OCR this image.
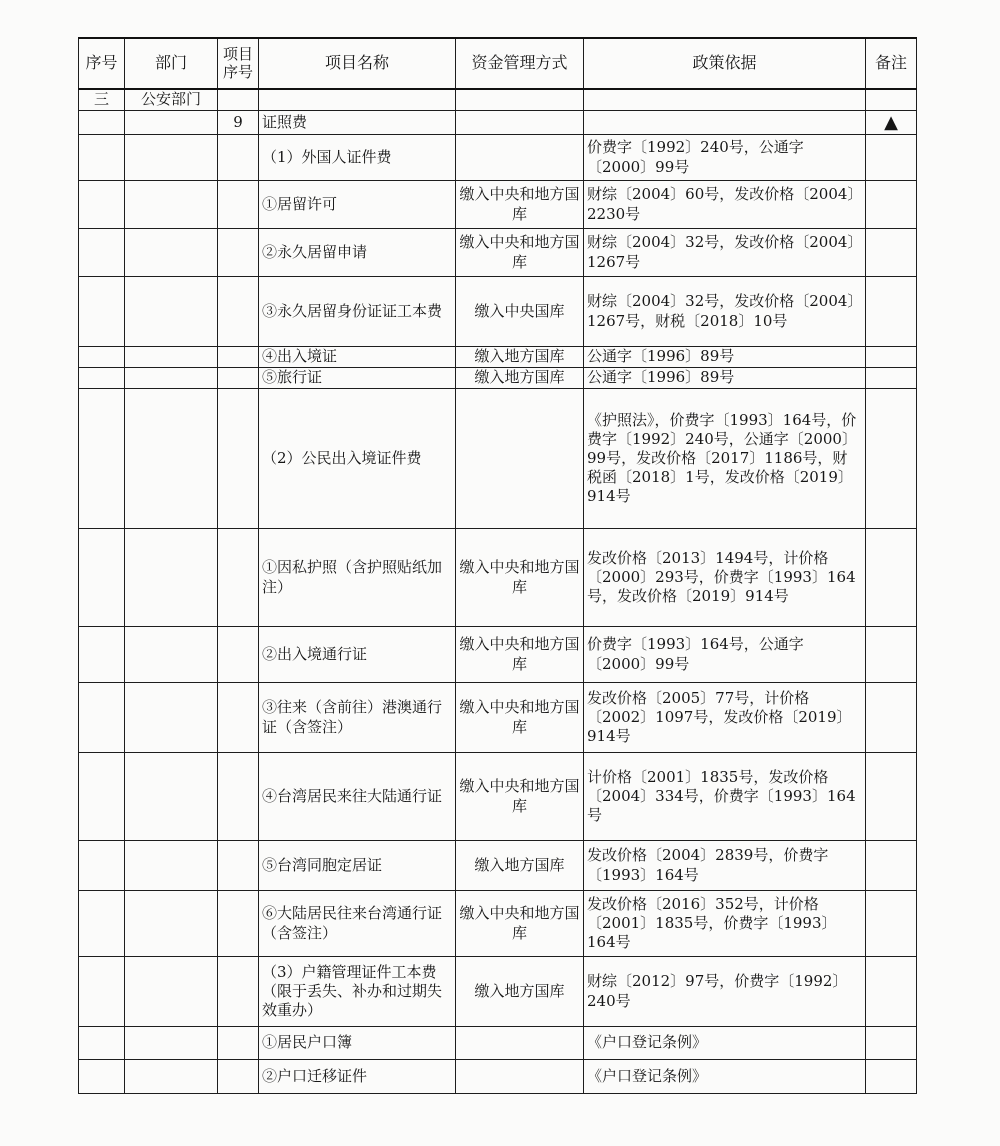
序号	部门	项目序号	项目名称	资金管理方式	政策依据	备注
三	公安部门					
		9	证照费			▲
			（1）外国人证件费		价费字〔1992〕240号，公通字〔2000〕99号	
			①居留许可	缴入中央和地方国库	财综〔2004〕60号，发改价格〔2004〕2230号	
			②永久居留申请	缴入中央和地方国库	财综〔2004〕32号，发改价格〔2004〕1267号	
			③永久居留身份证证工本费	缴入中央国库	财综〔2004〕32号，发改价格〔2004〕1267号，财税〔2018〕10号	
			④出入境证	缴入地方国库	公通字〔1996〕89号	
			⑤旅行证	缴入地方国库	公通字〔1996〕89号	
			（2）公民出入境证件费		《护照法》，价费字〔1993〕164号，价费字〔1992〕240号，公通字〔2000〕99号，发改价格〔2017〕1186号，财税函〔2018〕1号，发改价格〔2019〕914号	
			①因私护照（含护照贴纸加注）	缴入中央和地方国库	发改价格〔2013〕1494号，计价格〔2000〕293号，价费字〔1993〕164号，发改价格〔2019〕914号	
			②出入境通行证	缴入中央和地方国库	价费字〔1993〕164号，公通字〔2000〕99号	
			③往来（含前往）港澳通行证（含签注）	缴入中央和地方国库	发改价格〔2005〕77号，计价格〔2002〕1097号，发改价格〔2019〕914号	
			④台湾居民来往大陆通行证	缴入中央和地方国库	计价格〔2001〕1835号，发改价格〔2004〕334号，价费字〔1993〕164号	
			⑤台湾同胞定居证	缴入地方国库	发改价格〔2004〕2839号，价费字〔1993〕164号	
			⑥大陆居民往来台湾通行证（含签注）	缴入中央和地方国库	发改价格〔2016〕352号，计价格〔2001〕1835号，价费字〔1993〕164号	
			（3）户籍管理证件工本费（限于丢失、补办和过期失效重办）	缴入地方国库	财综〔2012〕97号，价费字〔1992〕240号	
			①居民户口簿		《户口登记条例》	
			②户口迁移证件		《户口登记条例》	
